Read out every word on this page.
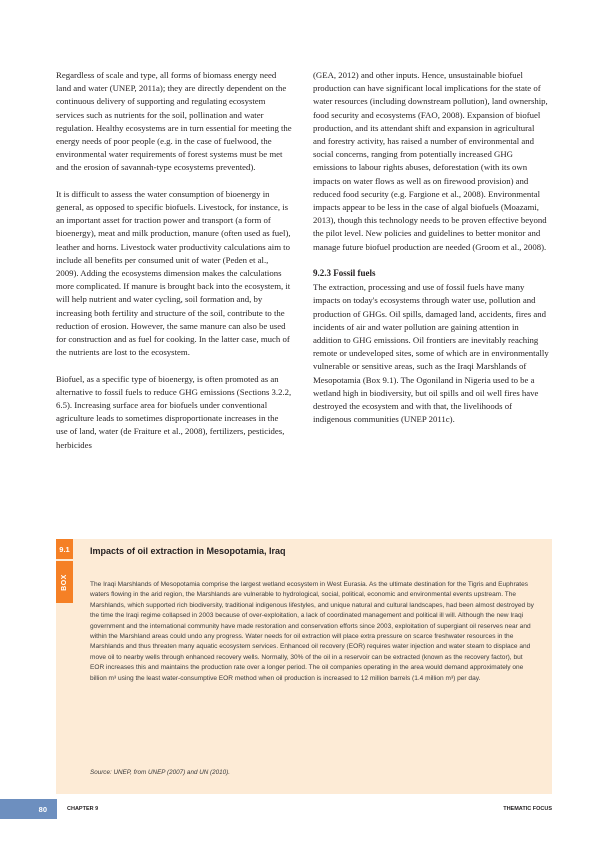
Regardless of scale and type, all forms of biomass energy need land and water (UNEP, 2011a); they are directly dependent on the continuous delivery of supporting and regulating ecosystem services such as nutrients for the soil, pollination and water regulation. Healthy ecosystems are in turn essential for meeting the energy needs of poor people (e.g. in the case of fuelwood, the environmental water requirements of forest systems must be met and the erosion of savannah-type ecosystems prevented).

It is difficult to assess the water consumption of bioenergy in general, as opposed to specific biofuels. Livestock, for instance, is an important asset for traction power and transport (a form of bioenergy), meat and milk production, manure (often used as fuel), leather and horns. Livestock water productivity calculations aim to include all benefits per consumed unit of water (Peden et al., 2009). Adding the ecosystems dimension makes the calculations more complicated. If manure is brought back into the ecosystem, it will help nutrient and water cycling, soil formation and, by increasing both fertility and structure of the soil, contribute to the reduction of erosion. However, the same manure can also be used for construction and as fuel for cooking. In the latter case, much of the nutrients are lost to the ecosystem.

Biofuel, as a specific type of bioenergy, is often promoted as an alternative to fossil fuels to reduce GHG emissions (Sections 3.2.2, 6.5). Increasing surface area for biofuels under conventional agriculture leads to sometimes disproportionate increases in the use of land, water (de Fraiture et al., 2008), fertilizers, pesticides, herbicides

(GEA, 2012) and other inputs. Hence, unsustainable biofuel production can have significant local implications for the state of water resources (including downstream pollution), land ownership, food security and ecosystems (FAO, 2008). Expansion of biofuel production, and its attendant shift and expansion in agricultural and forestry activity, has raised a number of environmental and social concerns, ranging from potentially increased GHG emissions to labour rights abuses, deforestation (with its own impacts on water flows as well as on firewood provision) and reduced food security (e.g. Fargione et al., 2008). Environmental impacts appear to be less in the case of algal biofuels (Moazami, 2013), though this technology needs to be proven effective beyond the pilot level. New policies and guidelines to better monitor and manage future biofuel production are needed (Groom et al., 2008).

9.2.3 Fossil fuels

The extraction, processing and use of fossil fuels have many impacts on today's ecosystems through water use, pollution and production of GHGs. Oil spills, damaged land, accidents, fires and incidents of air and water pollution are gaining attention in addition to GHG emissions. Oil frontiers are inevitably reaching remote or undeveloped sites, some of which are in environmentally vulnerable or sensitive areas, such as the Iraqi Marshlands of Mesopotamia (Box 9.1). The Ogoniland in Nigeria used to be a wetland high in biodiversity, but oil spills and oil well fires have destroyed the ecosystem and with that, the livelihoods of indigenous communities (UNEP 2011c).

9.1
BOX
Impacts of oil extraction in Mesopotamia, Iraq

The Iraqi Marshlands of Mesopotamia comprise the largest wetland ecosystem in West Eurasia. As the ultimate destination for the Tigris and Euphrates waters flowing in the arid region, the Marshlands are vulnerable to hydrological, social, political, economic and environmental events upstream. The Marshlands, which supported rich biodiversity, traditional indigenous lifestyles, and unique natural and cultural landscapes, had been almost destroyed by the time the Iraqi regime collapsed in 2003 because of over-exploitation, a lack of coordinated management and political ill will. Although the new Iraqi government and the international community have made restoration and conservation efforts since 2003, exploitation of supergiant oil reserves near and within the Marshland areas could undo any progress. Water needs for oil extraction will place extra pressure on scarce freshwater resources in the Marshlands and thus threaten many aquatic ecosystem services. Enhanced oil recovery (EOR) requires water injection and water steam to displace and move oil to nearby wells through enhanced recovery wells. Normally, 30% of the oil in a reservoir can be extracted (known as the recovery factor), but EOR increases this and maintains the production rate over a longer period. The oil companies operating in the area would demand approximately one billion m³ using the least water-consumptive EOR method when oil production is increased to 12 million barrels (1.4 million m³) per day.

Source: UNEP, from UNEP (2007) and UN (2010).
80	CHAPTER 9	THEMATIC FOCUS
